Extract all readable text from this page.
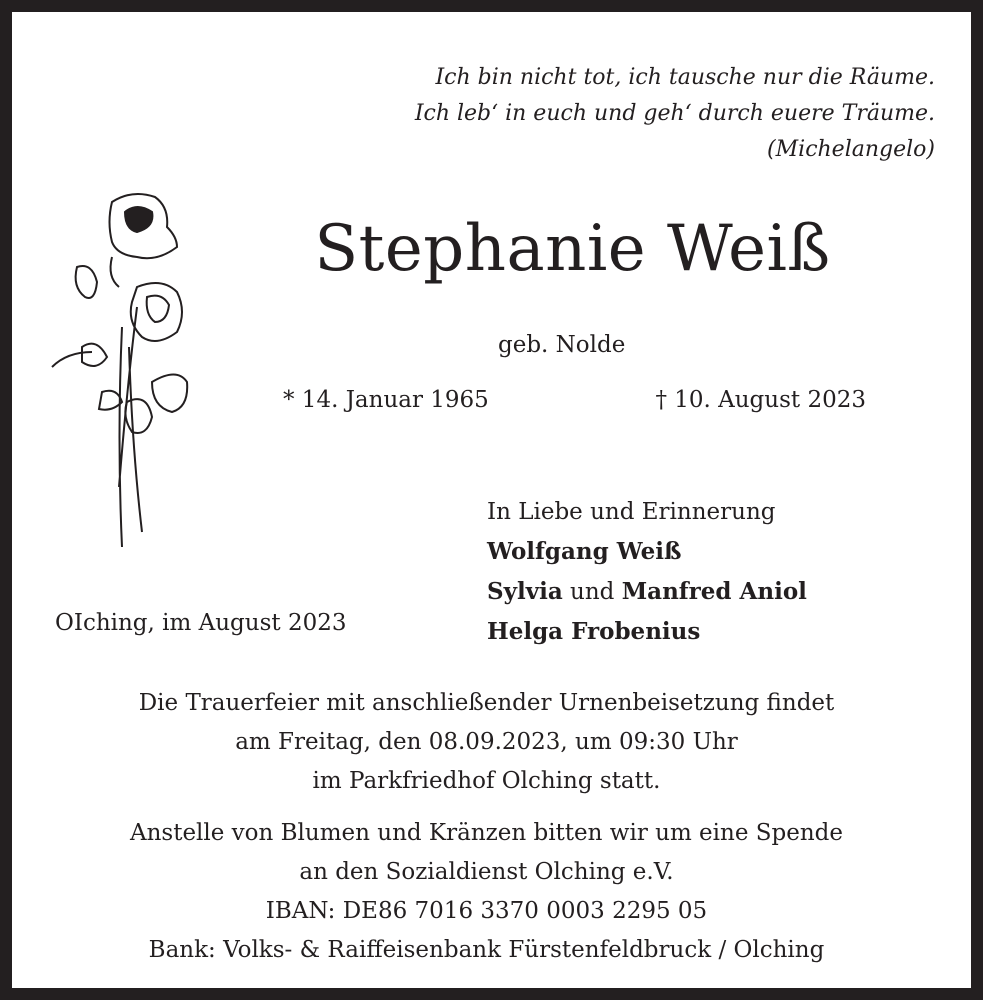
Ich bin nicht tot, ich tausche nur die Räume.
Ich leb‘ in euch und geh‘ durch euere Träume.
(Michelangelo)
Stephanie Weiß
geb. Nolde
* 14. Januar 1965	† 10. August 2023
In Liebe und Erinnerung
Wolfgang Weiß
Sylvia und Manfred Aniol
Helga Frobenius
OIching, im August 2023
Die Trauerfeier mit anschließender Urnenbeisetzung findet
am Freitag, den 08.09.2023, um 09:30 Uhr
im Parkfriedhof Olching statt.
Anstelle von Blumen und Kränzen bitten wir um eine Spende
an den Sozialdienst Olching e.V.
IBAN: DE86 7016 3370 0003 2295 05
Bank: Volks- & Raiffeisenbank Fürstenfeldbruck / Olching
